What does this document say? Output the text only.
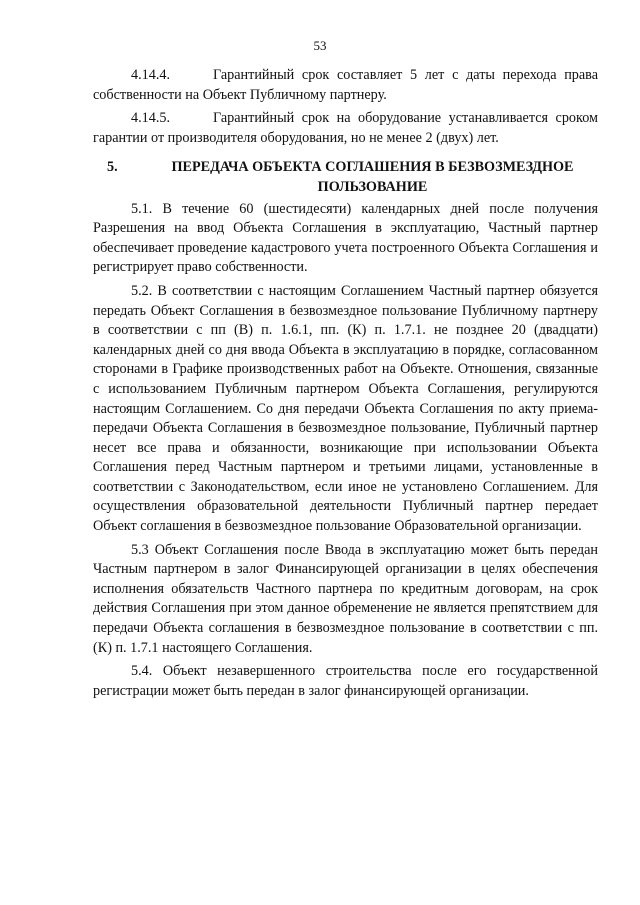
53

4.14.4.	Гарантийный срок составляет 5 лет с даты перехода права собственности на Объект Публичному партнеру.

4.14.5.	Гарантийный срок на оборудование устанавливается сроком гарантии от производителя оборудования, но не менее 2 (двух) лет.

5.	ПЕРЕДАЧА ОБЪЕКТА СОГЛАШЕНИЯ В БЕЗВОЗМЕЗДНОЕ ПОЛЬЗОВАНИЕ

5.1. В течение 60 (шестидесяти) календарных дней после получения Разрешения на ввод Объекта Соглашения в эксплуатацию, Частный партнер обеспечивает проведение кадастрового учета построенного Объекта Соглашения и регистрирует право собственности.

5.2. В соответствии с настоящим Соглашением Частный партнер обязуется передать Объект Соглашения в безвозмездное пользование Публичному партнеру в соответствии с пп (В) п. 1.6.1, пп. (К) п. 1.7.1. не позднее 20 (двадцати) календарных дней со дня ввода Объекта в эксплуатацию в порядке, согласованном сторонами в Графике производственных работ на Объекте. Отношения, связанные с использованием Публичным партнером Объекта Соглашения, регулируются настоящим Соглашением. Со дня передачи Объекта Соглашения по акту приема-передачи Объекта Соглашения в безвозмездное пользование, Публичный партнер несет все права и обязанности, возникающие при использовании Объекта Соглашения перед Частным партнером и третьими лицами, установленные в соответствии с Законодательством, если иное не установлено Соглашением. Для осуществления образовательной деятельности Публичный партнер передает Объект соглашения в безвозмездное пользование Образовательной организации.

5.3 Объект Соглашения после Ввода в эксплуатацию может быть передан Частным партнером в залог Финансирующей организации в целях обеспечения исполнения обязательств Частного партнера по кредитным договорам, на срок действия Соглашения при этом данное обременение не является препятствием для передачи Объекта соглашения в безвозмездное пользование в соответствии с пп. (К) п. 1.7.1 настоящего Соглашения.

5.4. Объект незавершенного строительства после его государственной регистрации может быть передан в залог финансирующей организации.
